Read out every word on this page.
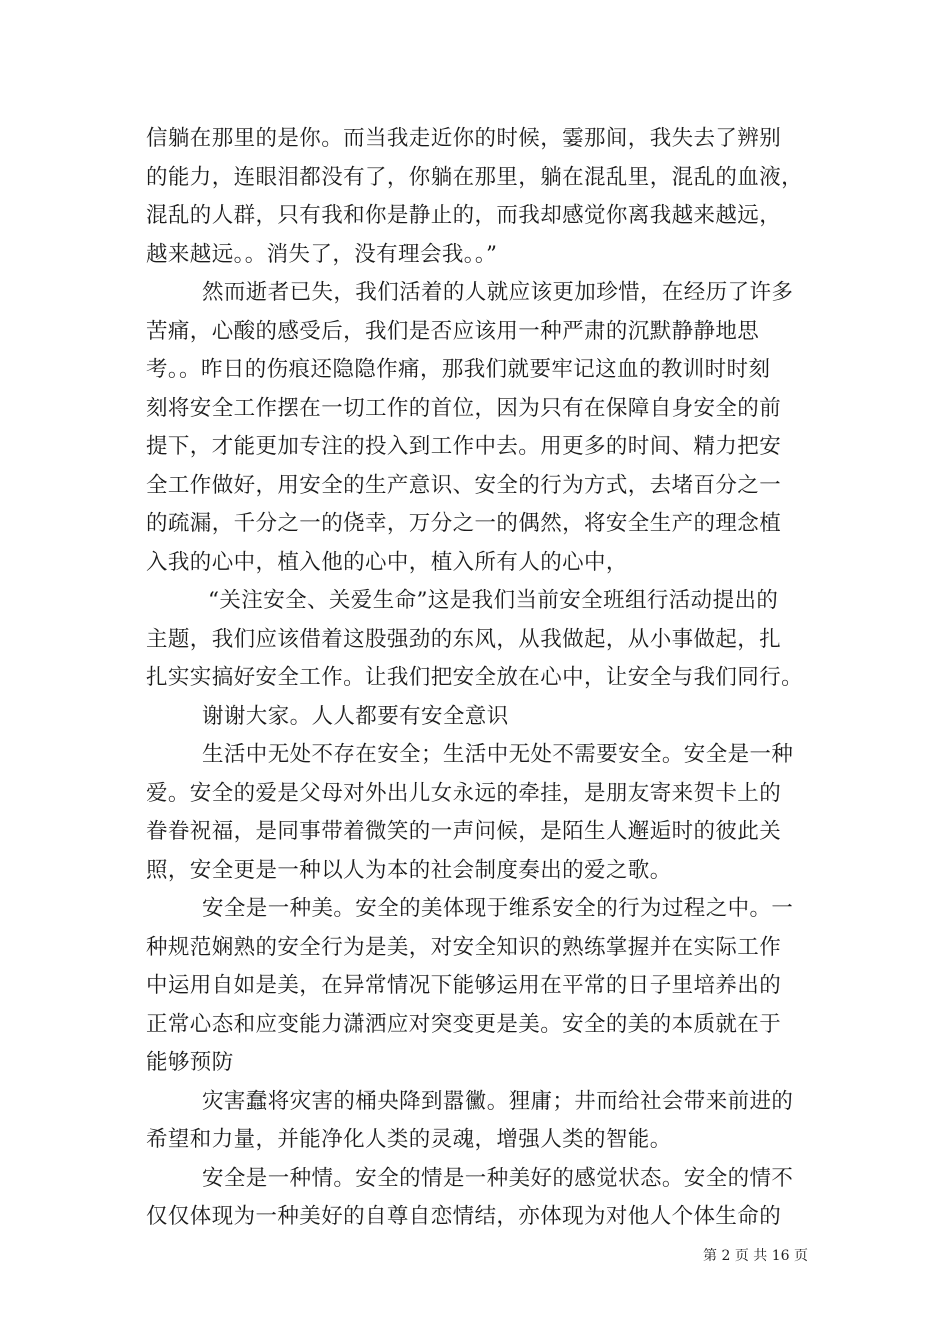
信躺在那里的是你。而当我走近你的时候，霎那间，我失去了辨别
的能力，连眼泪都没有了，你躺在那里，躺在混乱里，混乱的血液，
混乱的人群，只有我和你是静止的，而我却感觉你离我越来越远，
越来越远。。消失了，没有理会我。。”
然而逝者已失，我们活着的人就应该更加珍惜，在经历了许多
苦痛，心酸的感受后，我们是否应该用一种严肃的沉默静静地思
考。。昨日的伤痕还隐隐作痛，那我们就要牢记这血的教训时时刻
刻将安全工作摆在一切工作的首位，因为只有在保障自身安全的前
提下，才能更加专注的投入到工作中去。用更多的时间、精力把安
全工作做好，用安全的生产意识、安全的行为方式，去堵百分之一
的疏漏，千分之一的侥幸，万分之一的偶然，将安全生产的理念植
入我的心中，植入他的心中，植入所有人的心中，
“关注安全、关爱生命”这是我们当前安全班组行活动提出的
主题，我们应该借着这股强劲的东风，从我做起，从小事做起，扎
扎实实搞好安全工作。让我们把安全放在心中，让安全与我们同行。
谢谢大家。人人都要有安全意识
生活中无处不存在安全；生活中无处不需要安全。安全是一种
爱。安全的爱是父母对外出儿女永远的牵挂，是朋友寄来贺卡上的
眷眷祝福，是同事带着微笑的一声问候，是陌生人邂逅时的彼此关
照，安全更是一种以人为本的社会制度奏出的爱之歌。
安全是一种美。安全的美体现于维系安全的行为过程之中。一
种规范娴熟的安全行为是美，对安全知识的熟练掌握并在实际工作
中运用自如是美，在异常情况下能够运用在平常的日子里培养出的
正常心态和应变能力潇洒应对突变更是美。安全的美的本质就在于
能够预防
灾害蠢将灾害的桶央降到嚣黴。狸庸；井而给社会带来前进的
希望和力量，并能净化人类的灵魂，增强人类的智能。
安全是一种情。安全的情是一种美好的感觉状态。安全的情不
仅仅体现为一种美好的自尊自恋情结，亦体现为对他人个体生命的
第 2 页 共 16 页
